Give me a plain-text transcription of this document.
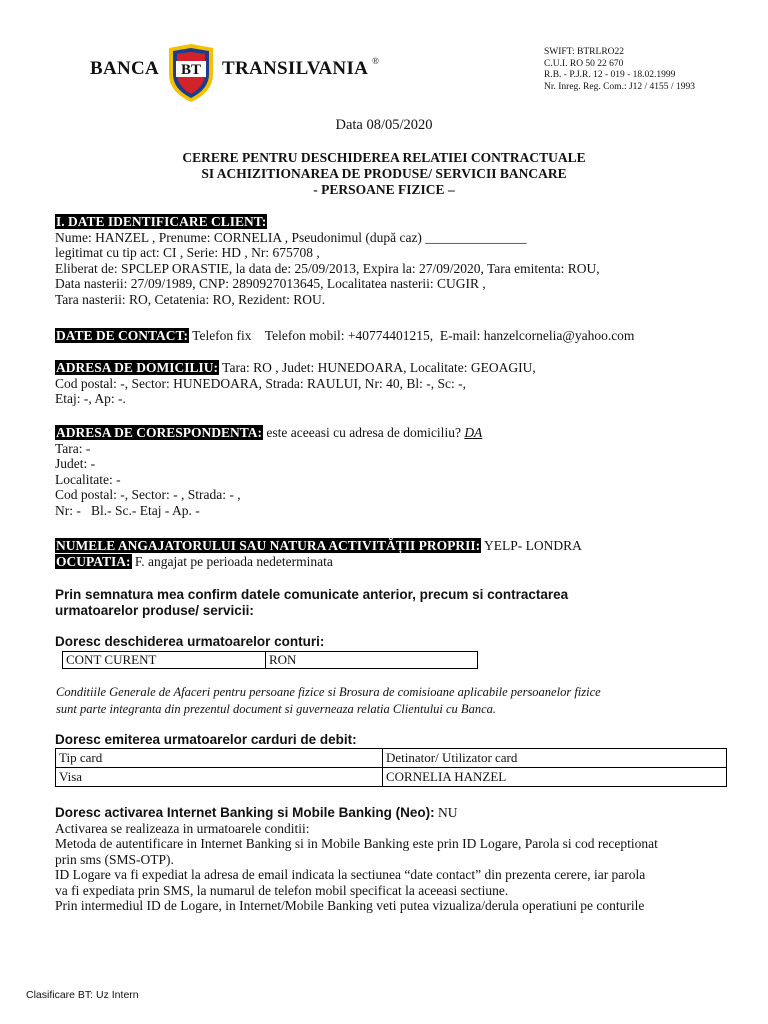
BANCA BT TRANSILVANIA ®
SWIFT: BTRLRO22
C.U.I. RO 50 22 670
R.B. - P.J.R. 12 - 019 - 18.02.1999
Nr. Inreg. Reg. Com.: J12 / 4155 / 1993
Data 08/05/2020
CERERE PENTRU DESCHIDEREA RELATIEI CONTRACTUALE
SI ACHIZITIONAREA DE PRODUSE/ SERVICII BANCARE
- PERSOANE FIZICE –
I. DATE IDENTIFICARE CLIENT:
Nume: HANZEL , Prenume: CORNELIA , Pseudonimul (după caz) _______________
legitimat cu tip act: CI , Serie: HD , Nr: 675708 ,
Eliberat de: SPCLEP ORASTIE, la data de: 25/09/2013, Expira la: 27/09/2020, Tara emitenta: ROU,
Data nasterii: 27/09/1989, CNP: 2890927013645, Localitatea nasterii: CUGIR ,
Tara nasterii: RO, Cetatenia: RO, Rezident: ROU.
DATE DE CONTACT: Telefon fix    Telefon mobil: +40774401215,  E-mail: hanzelcornelia@yahoo.com
ADRESA DE DOMICILIU: Tara: RO , Judet: HUNEDOARA, Localitate: GEOAGIU,
Cod postal: -, Sector: HUNEDOARA, Strada: RAULUI, Nr: 40, Bl: -, Sc: -,
Etaj: -, Ap: -.
ADRESA DE CORESPONDENTA: este aceeasi cu adresa de domiciliu? DA
Tara: -
Judet: -
Localitate: -
Cod postal: -, Sector: - , Strada: - ,
Nr: -   Bl.- Sc.- Etaj - Ap. -
NUMELE ANGAJATORULUI SAU NATURA ACTIVITĂȚII PROPRII: YELP- LONDRA
OCUPATIA: F. angajat pe perioada nedeterminata
Prin semnatura mea confirm datele comunicate anterior, precum si contractarea
urmatoarelor produse/ servicii:
Doresc deschiderea urmatoarelor conturi:
CONT CURENT	RON
Conditiile Generale de Afaceri pentru persoane fizice si Brosura de comisioane aplicabile persoanelor fizice
sunt parte integranta din prezentul document si guverneaza relatia Clientului cu Banca.
Doresc emiterea urmatoarelor carduri de debit:
Tip card	Detinator/ Utilizator card
Visa	CORNELIA HANZEL
Doresc activarea Internet Banking si Mobile Banking (Neo): NU
Activarea se realizeaza in urmatoarele conditii:
Metoda de autentificare in Internet Banking si in Mobile Banking este prin ID Logare, Parola si cod receptionat
prin sms (SMS-OTP).
ID Logare va fi expediat la adresa de email indicata la sectiunea “date contact” din prezenta cerere, iar parola
va fi expediata prin SMS, la numarul de telefon mobil specificat la aceeasi sectiune.
Prin intermediul ID de Logare, in Internet/Mobile Banking veti putea vizualiza/derula operatiuni pe conturile
Clasificare BT: Uz Intern
